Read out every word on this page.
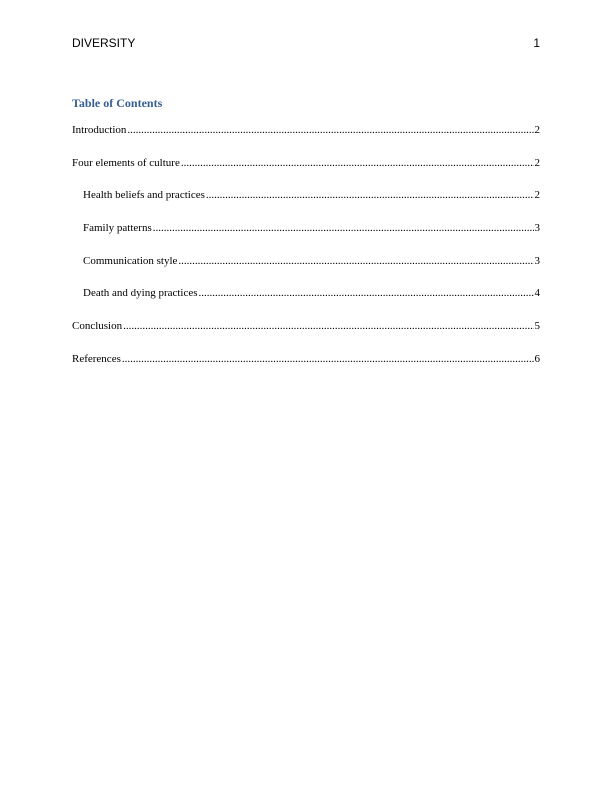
DIVERSITY	1
Table of Contents
Introduction .....	2
Four elements of culture .....	2
Health beliefs and practices .....	2
Family patterns .....	3
Communication style .....	3
Death and dying practices .....	4
Conclusion .....	5
References .....	6
